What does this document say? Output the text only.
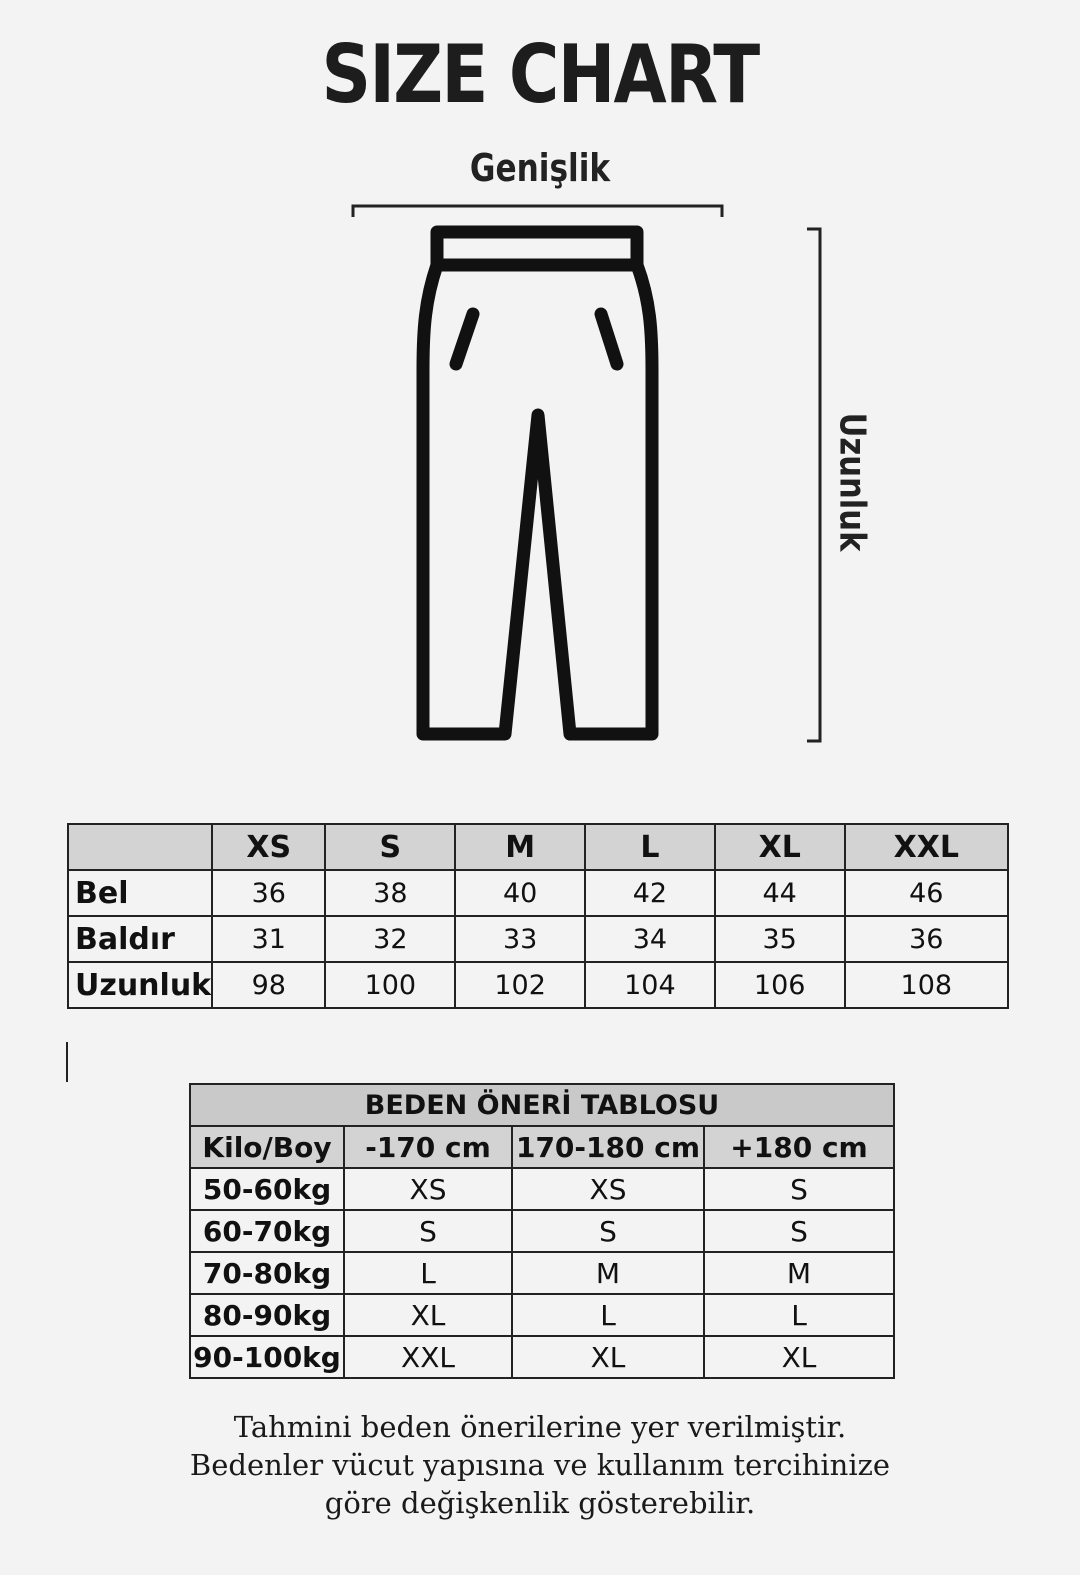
SIZE CHART
Genişlik
Uzunluk
	XS	S	M	L	XL	XXL
Bel	36	38	40	42	44	46
Baldır	31	32	33	34	35	36
Uzunluk	98	100	102	104	106	108
BEDEN ÖNERİ TABLOSU			
Kilo/Boy	-170 cm	170-180 cm	+180 cm
50-60kg	XS	XS	S
60-70kg	S	S	S
70-80kg	L	M	M
80-90kg	XL	L	L
90-100kg	XXL	XL	XL
Tahmini beden önerilerine yer verilmiştir.
Bedenler vücut yapısına ve kullanım tercihinize
göre değişkenlik gösterebilir.
